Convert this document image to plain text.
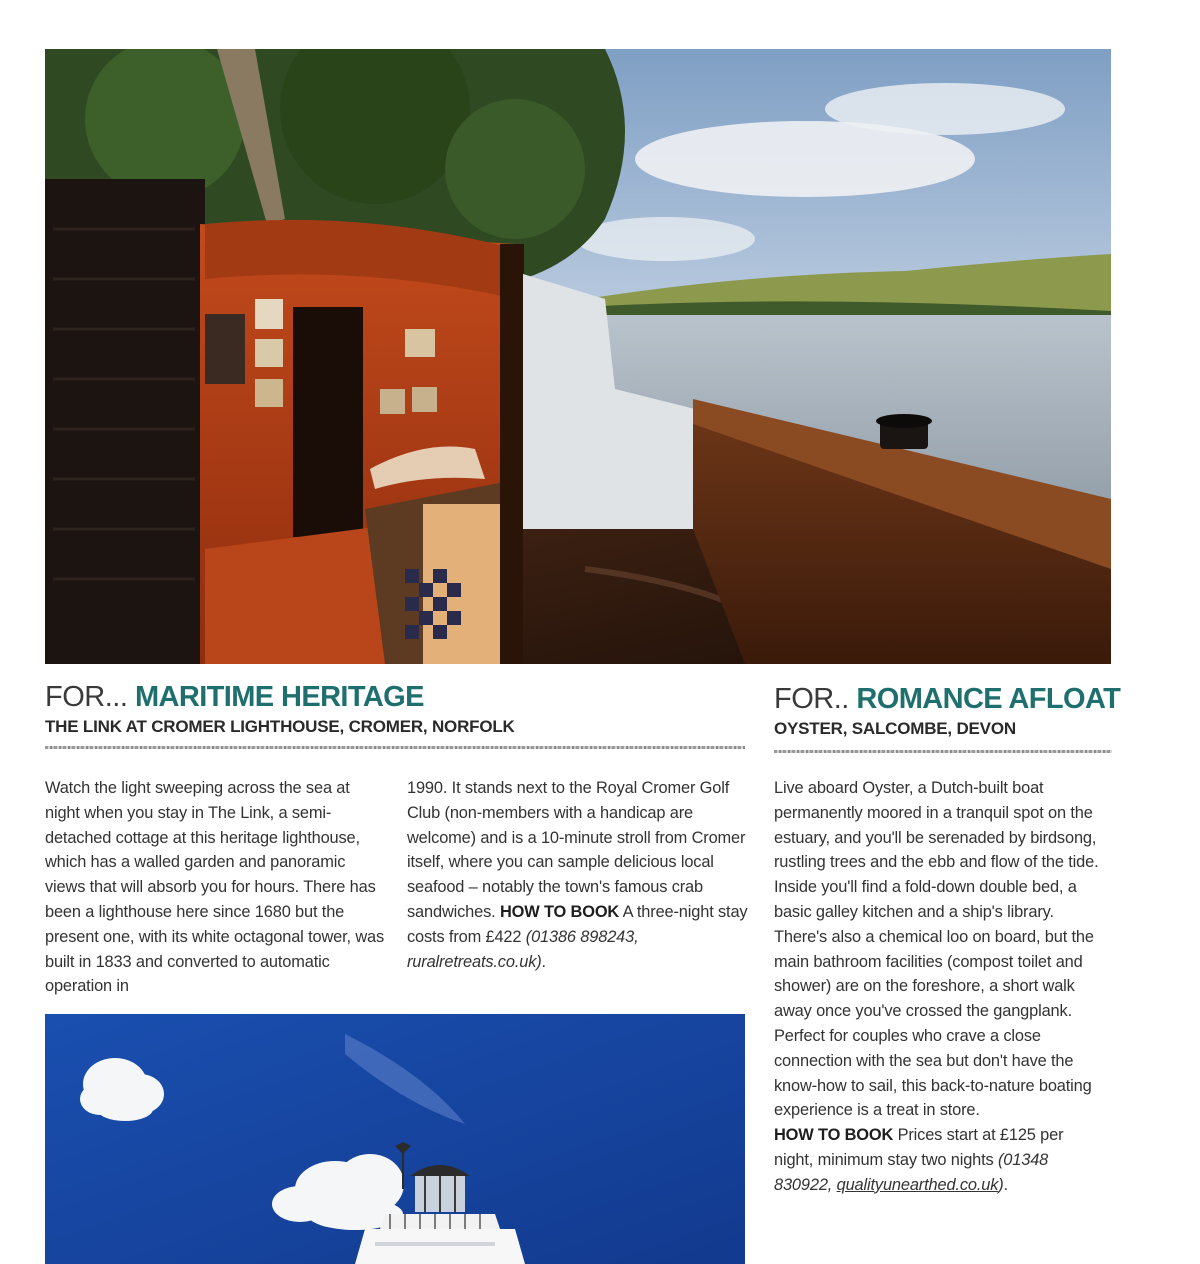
FOR... MARITIME HERITAGE
THE LINK AT CROMER LIGHTHOUSE, CROMER, NORFOLK

Watch the light sweeping across the sea at night when you stay in The Link, a semi-detached cottage at this heritage lighthouse, which has a walled garden and panoramic views that will absorb you for hours. There has been a lighthouse here since 1680 but the present one, with its white octagonal tower, was built in 1833 and converted to automatic operation in

1990. It stands next to the Royal Cromer Golf Club (non-members with a handicap are welcome) and is a 10-minute stroll from Cromer itself, where you can sample delicious local seafood – notably the town's famous crab sandwiches. HOW TO BOOK A three-night stay costs from £422 (01386 898243, ruralretreats.co.uk).

FOR.. ROMANCE AFLOAT
OYSTER, SALCOMBE, DEVON

Live aboard Oyster, a Dutch-built boat permanently moored in a tranquil spot on the estuary, and you'll be serenaded by birdsong, rustling trees and the ebb and flow of the tide. Inside you'll find a fold-down double bed, a basic galley kitchen and a ship's library. There's also a chemical loo on board, but the main bathroom facilities (compost toilet and shower) are on the foreshore, a short walk away once you've crossed the gangplank. Perfect for couples who crave a close connection with the sea but don't have the know-how to sail, this back-to-nature boating experience is a treat in store.
HOW TO BOOK Prices start at £125 per night, minimum stay two nights (01348 830922, qualityunearthed.co.uk).
